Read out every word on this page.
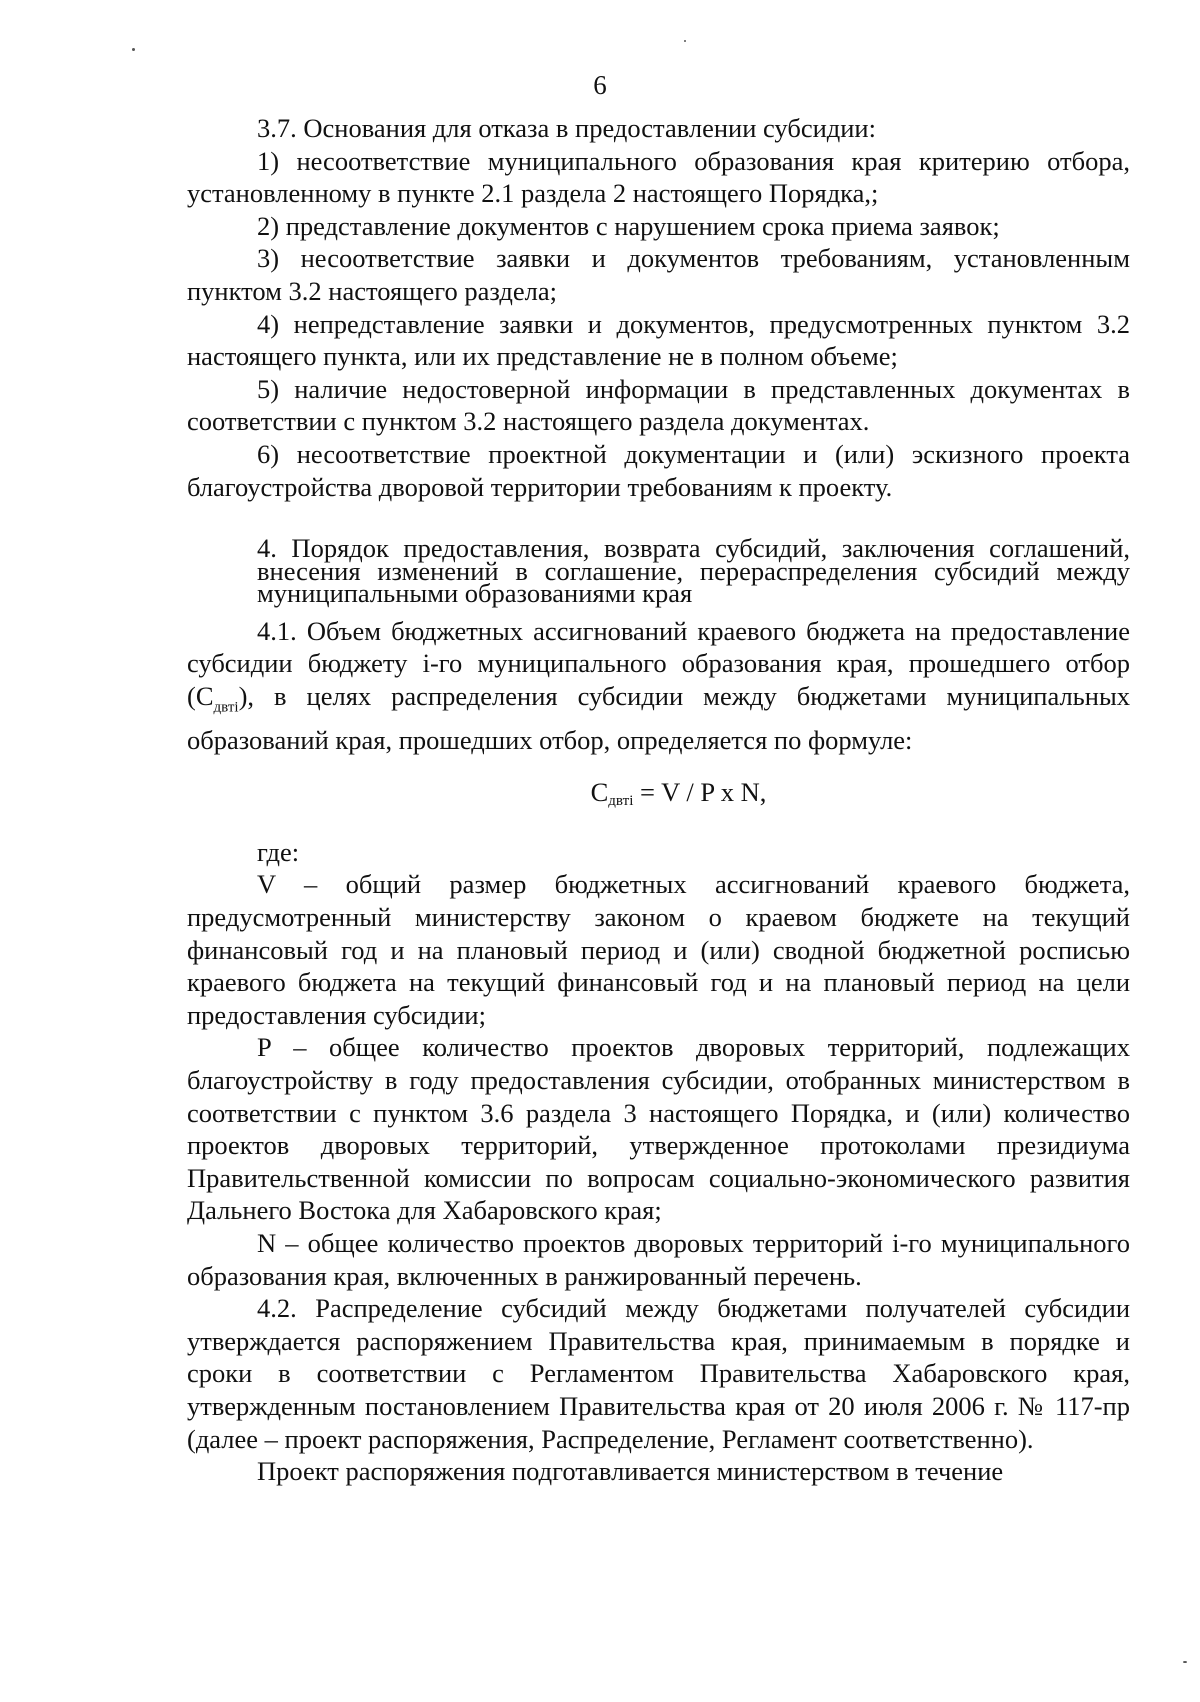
6

3.7. Основания для отказа в предоставлении субсидии:

1) несоответствие муниципального образования края критерию отбора, установленному в пункте 2.1 раздела 2 настоящего Порядка,;

2) представление документов с нарушением срока приема заявок;

3) несоответствие заявки и документов требованиям, установленным пунктом 3.2 настоящего раздела;

4) непредставление заявки и документов, предусмотренных пунктом 3.2 настоящего пункта, или их представление не в полном объеме;

5) наличие недостоверной информации в представленных документах в соответствии с пунктом 3.2 настоящего раздела документах.

6) несоответствие проектной документации и (или) эскизного проекта благоустройства дворовой территории требованиям к проекту.

4. Порядок предоставления, возврата субсидий, заключения соглашений, внесения изменений в соглашение, перераспределения субсидий между муниципальными образованиями края

4.1. Объем бюджетных ассигнований краевого бюджета на предоставление субсидии бюджету i-го муниципального образования края, прошедшего отбор $(С_{двтi})$, в целях распределения субсидии между бюджетами муниципальных образований края, прошедших отбор, определяется по формуле:

$С_{двтi} = V / P$ x N,

где:

V – общий размер бюджетных ассигнований краевого бюджета, предусмотренный министерству законом о краевом бюджете на текущий финансовый год и на плановый период и (или) сводной бюджетной росписью краевого бюджета на текущий финансовый год и на плановый период на цели предоставления субсидии;

P – общее количество проектов дворовых территорий, подлежащих благоустройству в году предоставления субсидии, отобранных министерством в соответствии с пунктом 3.6 раздела 3 настоящего Порядка, и (или) количество проектов дворовых территорий, утвержденное протоколами президиума Правительственной комиссии по вопросам социально-экономического развития Дальнего Востока для Хабаровского края;

N – общее количество проектов дворовых территорий i-го муниципального образования края, включенных в ранжированный перечень.

4.2. Распределение субсидий между бюджетами получателей субсидии утверждается распоряжением Правительства края, принимаемым в порядке и сроки в соответствии с Регламентом Правительства Хабаровского края, утвержденным постановлением Правительства края от 20 июля 2006 г. № 117-пр (далее – проект распоряжения, Распределение, Регламент соответственно).

Проект распоряжения подготавливается министерством в течение
